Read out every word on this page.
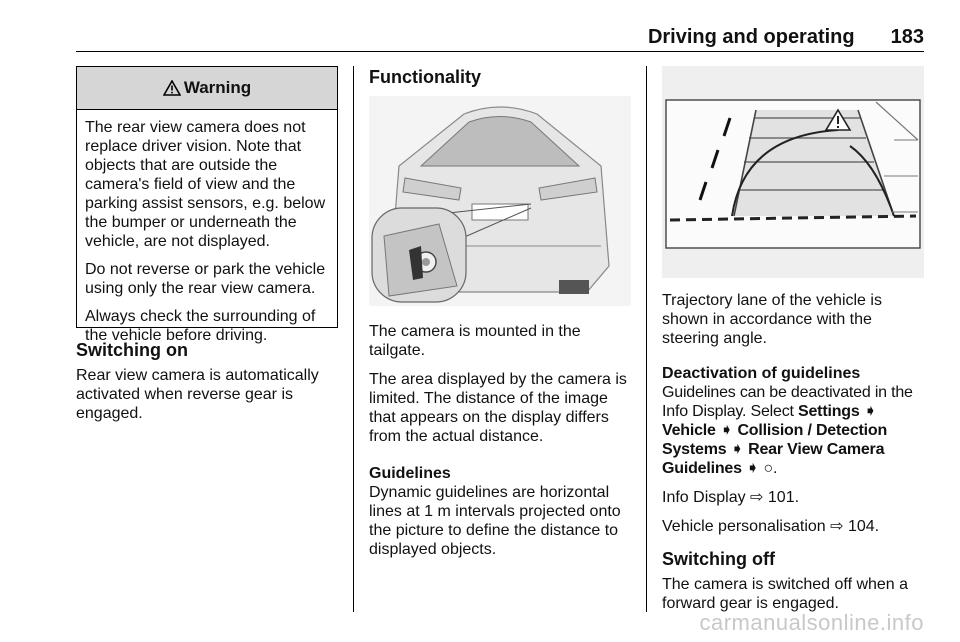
Driving and operating 183
Warning

The rear view camera does not replace driver vision. Note that objects that are outside the camera's field of view and the parking assist sensors, e.g. below the bumper or underneath the vehicle, are not displayed.

Do not reverse or park the vehicle using only the rear view camera.

Always check the surrounding of the vehicle before driving.

Switching on

Rear view camera is automatically activated when reverse gear is engaged.

Functionality

The camera is mounted in the tailgate.

The area displayed by the camera is limited. The distance of the image that appears on the display differs from the actual distance.

Guidelines

Dynamic guidelines are horizontal lines at 1 m intervals projected onto the picture to define the distance to displayed objects.

Trajectory lane of the vehicle is shown in accordance with the steering angle.

Deactivation of guidelines

Guidelines can be deactivated in the Info Display. Select Settings ➧ Vehicle ➧ Collision / Detection Systems ➧ Rear View Camera Guidelines ➧ ○.

Info Display ⇨ 101.

Vehicle personalisation ⇨ 104.

Switching off

The camera is switched off when a forward gear is engaged.

carmanualsonline.info
